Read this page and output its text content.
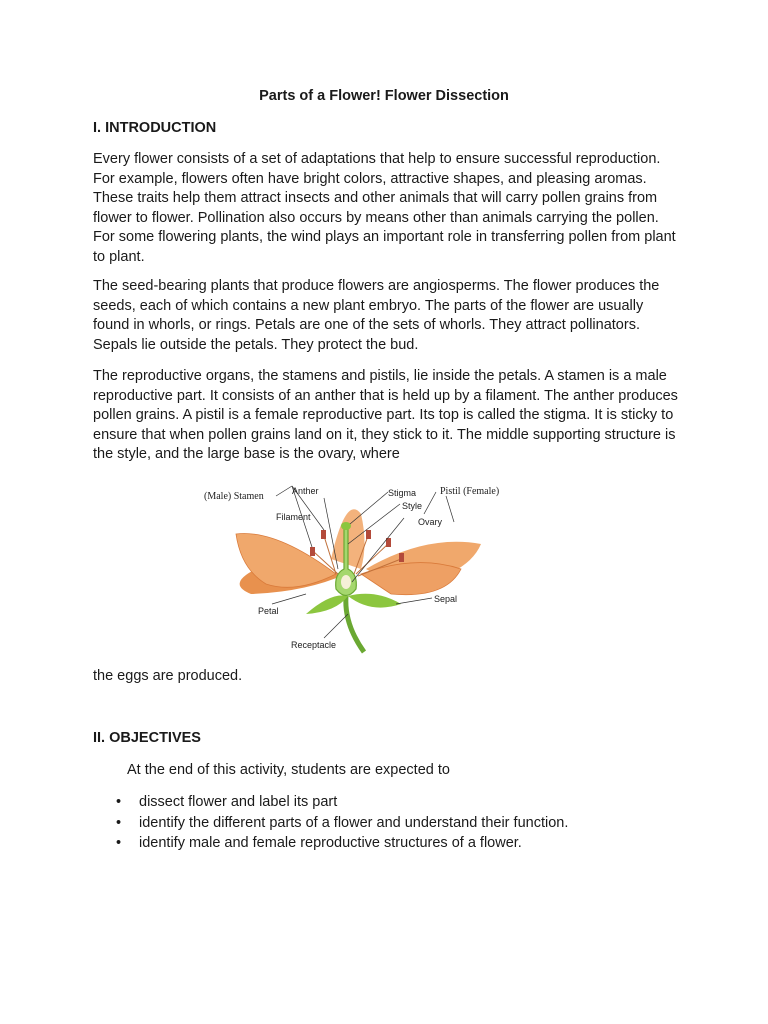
Parts of a Flower! Flower Dissection
I. INTRODUCTION

Every flower consists of a set of adaptations that help to ensure successful reproduction. For example, flowers often have bright colors, attractive shapes, and pleasing aromas. These traits help them attract insects and other animals that will carry pollen grains from flower to flower. Pollination also occurs by means other than animals carrying the pollen. For some flowering plants, the wind plays an important role in transferring pollen from plant to plant.

The seed-bearing plants that produce flowers are angiosperms. The flower produces the seeds, each of which contains a new plant embryo. The parts of the flower are usually found in whorls, or rings. Petals are one of the sets of whorls. They attract pollinators. Sepals lie outside the petals. They protect the bud.

The reproductive organs, the stamens and pistils, lie inside the petals. A stamen is a male reproductive part. It consists of an anther that is held up by a filament. The anther produces pollen grains. A pistil is a female reproductive part. Its top is called the stigma. It is sticky to ensure that when pollen grains land on it, they stick to it. The middle supporting structure is the style, and the large base is the ovary, where

(Male) Stamen	Anther
Filament
Petal
Receptacle
Stigma
Style
Ovary
Pistil (Female)
Sepal

the eggs are produced.

II. OBJECTIVES
At the end of this activity, students are expected to
• dissect flower and label its part
• identify the different parts of a flower and understand their function.
• identify male and female reproductive structures of a flower.
